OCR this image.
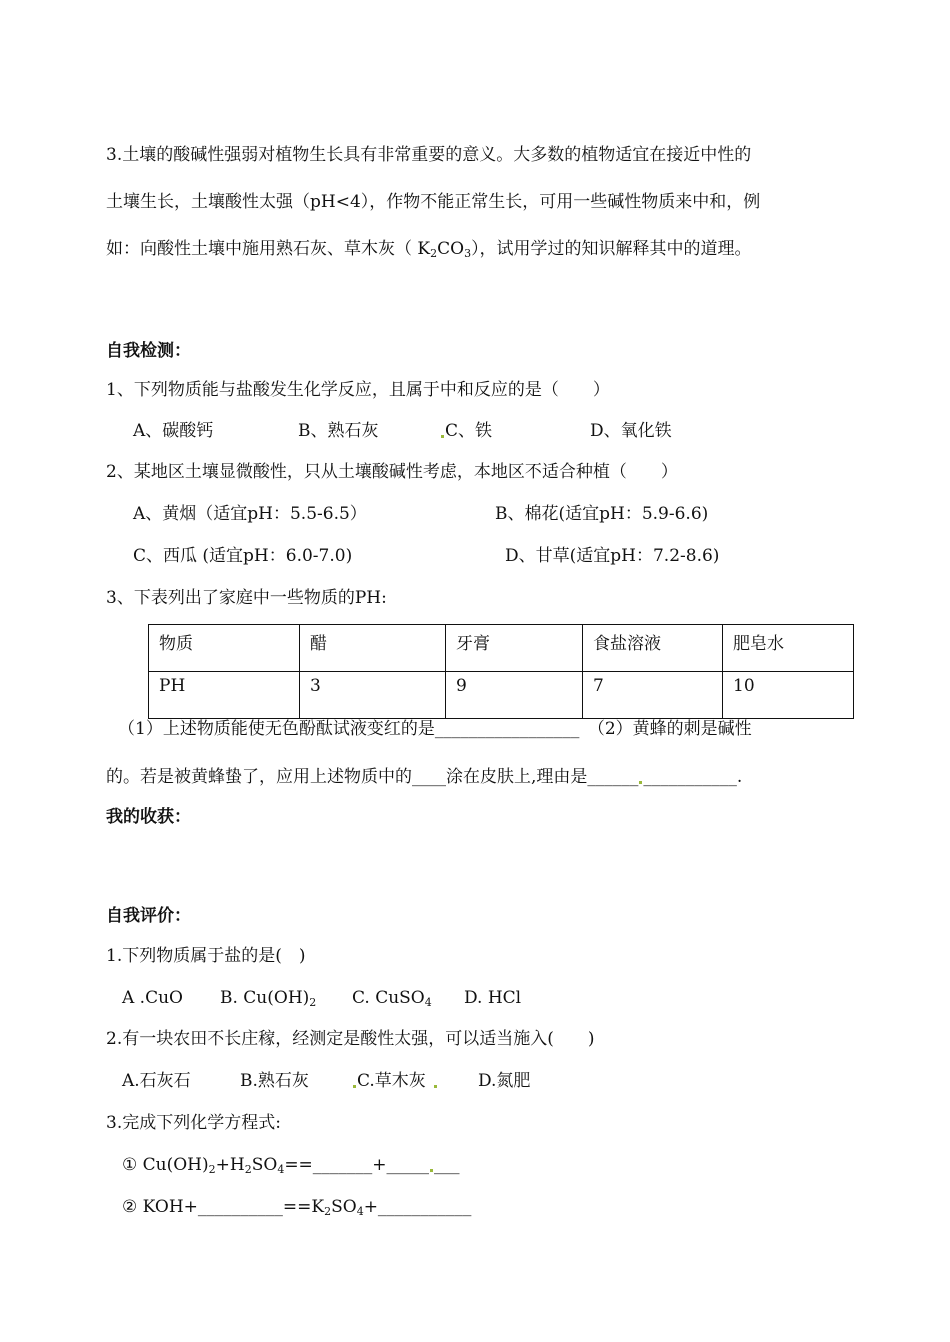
3.土壤的酸碱性强弱对植物生长具有非常重要的意义。大多数的植物适宜在接近中性的
土壤生长，土壤酸性太强（pH<4），作物不能正常生长，可用一些碱性物质来中和，例
如：向酸性土壤中施用熟石灰、草木灰（ $K_2CO_3$），试用学过的知识解释其中的道理。
自我检测：
1、下列物质能与盐酸发生化学反应，且属于中和反应的是（　　）
A、碳酸钙	B、熟石灰	C、铁	D、氧化铁
2、某地区土壤显微酸性，只从土壤酸碱性考虑，本地区不适合种植（　　）
A、黄烟（适宜pH：5.5-6.5）	B、棉花(适宜pH：5.9-6.6)
C、西瓜 (适宜pH：6.0-7.0)	D、甘草(适宜pH：7.2-8.6)
3、下表列出了家庭中一些物质的PH:
物质	醋	牙膏	食盐溶液	肥皂水
PH	3	9	7	10
（1）上述物质能使无色酚酞试液变红的是_________________　（2）黄蜂的刺是碱性
的。若是被黄蜂蛰了，应用上述物质中的____涂在皮肤上,理由是______ ___________.
我的收获：
自我评价：
1.下列物质属于盐的是(　)
A .CuO B. $Cu(OH)_2$ C. CuSO$_4$ D. HCl
2.有一块农田不长庄稼，经测定是酸性太强，可以适当施入(　　)
A.石灰石	B.熟石灰	C.草木灰	D.氮肥
3.完成下列化学方程式:
① $Cu(OH)_2+H_2SO_4==\_\_\_\_\_\_\_+\_\_\_\_\_$ ___
② $KOH+\_\_\_\_\_\_\_\_\_\_==K_2SO_4+\_\_\_\_\_\_\_\_\_\_\_$
